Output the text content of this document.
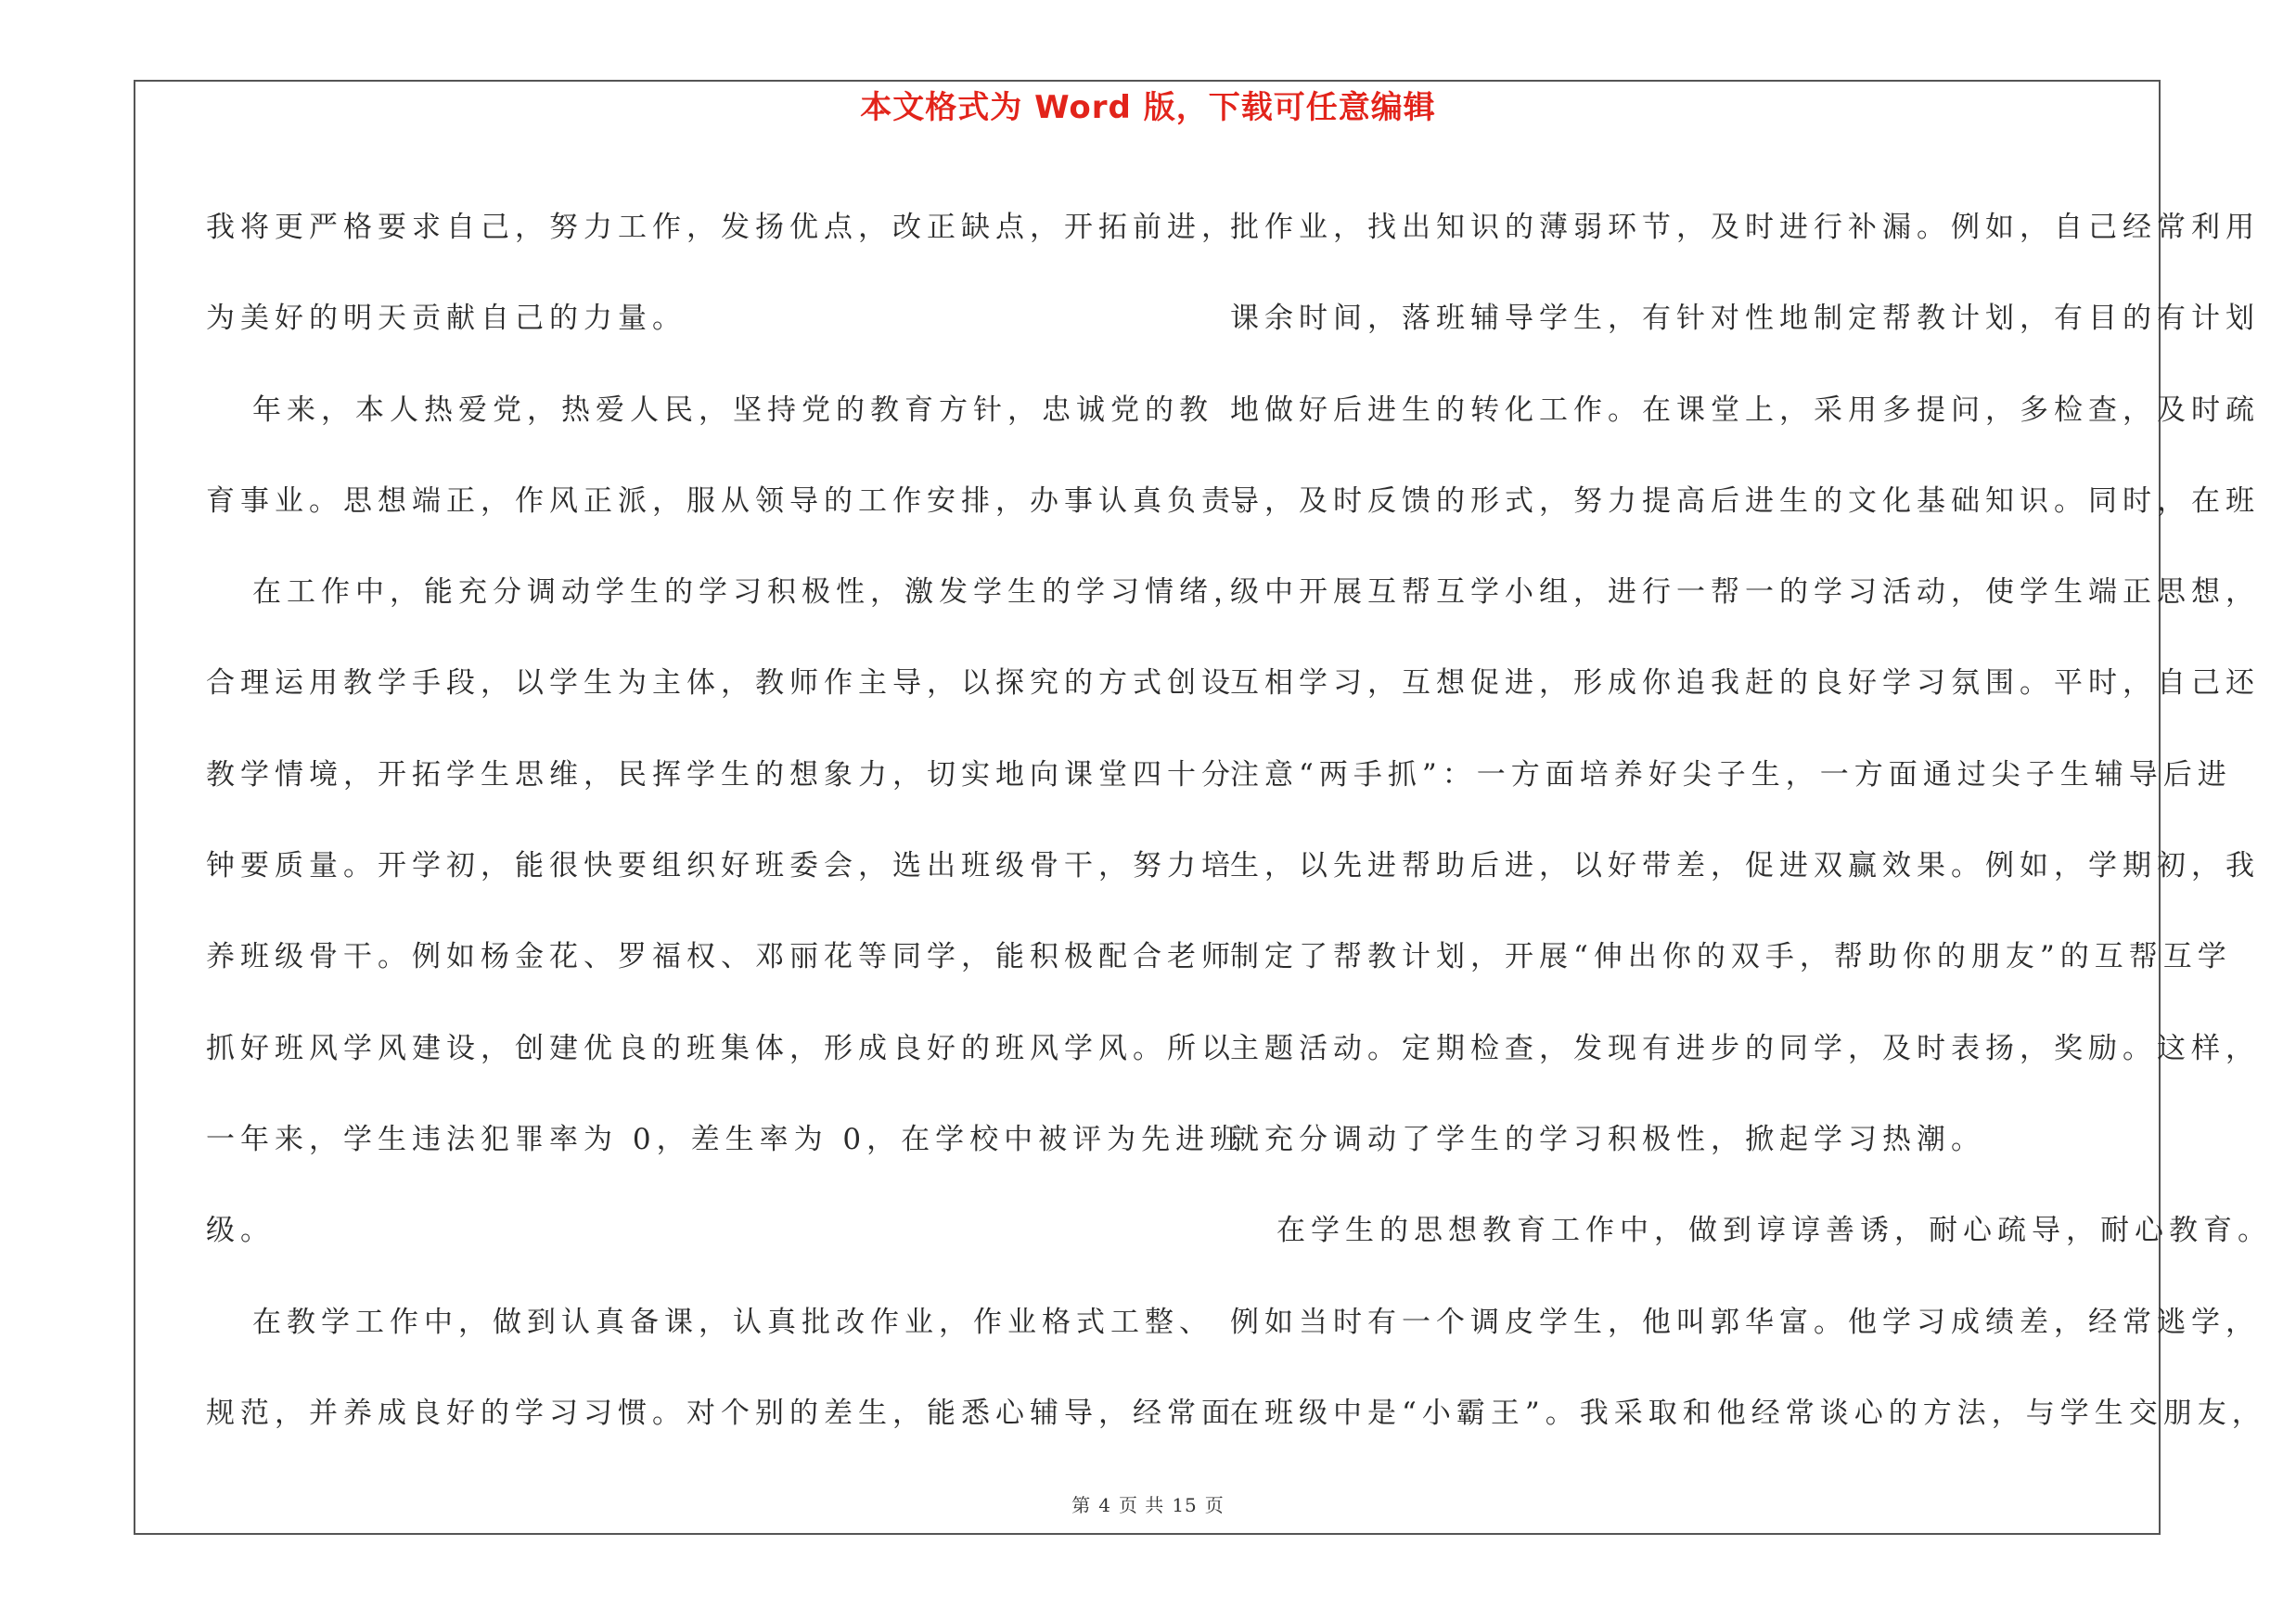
本文格式为 Word 版，下载可任意编辑
我将更严格要求自己，努力工作，发扬优点，改正缺点，开拓前进，
为美好的明天贡献自己的力量。
年来，本人热爱党，热爱人民，坚持党的教育方针，忠诚党的教
育事业。思想端正，作风正派，服从领导的工作安排，办事认真负责。
在工作中，能充分调动学生的学习积极性，激发学生的学习情绪，
合理运用教学手段，以学生为主体，教师作主导，以探究的方式创设
教学情境，开拓学生思维，民挥学生的想象力，切实地向课堂四十分
钟要质量。开学初，能很快要组织好班委会，选出班级骨干，努力培
养班级骨干。例如杨金花、罗福权、邓丽花等同学，能积极配合老师
抓好班风学风建设，创建优良的班集体，形成良好的班风学风。所以
一年来，学生违法犯罪率为 0，差生率为 0，在学校中被评为先进班
级。
在教学工作中，做到认真备课，认真批改作业，作业格式工整、
规范，并养成良好的学习习惯。对个别的差生，能悉心辅导，经常面
批作业，找出知识的薄弱环节，及时进行补漏。例如，自己经常利用
课余时间，落班辅导学生，有针对性地制定帮教计划，有目的有计划
地做好后进生的转化工作。在课堂上，采用多提问，多检查，及时疏
导，及时反馈的形式，努力提高后进生的文化基础知识。同时，在班
级中开展互帮互学小组，进行一帮一的学习活动，使学生端正思想，
互相学习，互想促进，形成你追我赶的良好学习氛围。平时，自己还
注意“两手抓”：一方面培养好尖子生，一方面通过尖子生辅导后进
生，以先进帮助后进，以好带差，促进双赢效果。例如，学期初，我
制定了帮教计划，开展“伸出你的双手，帮助你的朋友”的互帮互学
主题活动。定期检查，发现有进步的同学，及时表扬，奖励。这样，
就充分调动了学生的学习积极性，掀起学习热潮。
在学生的思想教育工作中，做到谆谆善诱，耐心疏导，耐心教育。
例如当时有一个调皮学生，他叫郭华富。他学习成绩差，经常逃学，
在班级中是“小霸王”。我采取和他经常谈心的方法，与学生交朋友，
第 4 页 共 15 页
